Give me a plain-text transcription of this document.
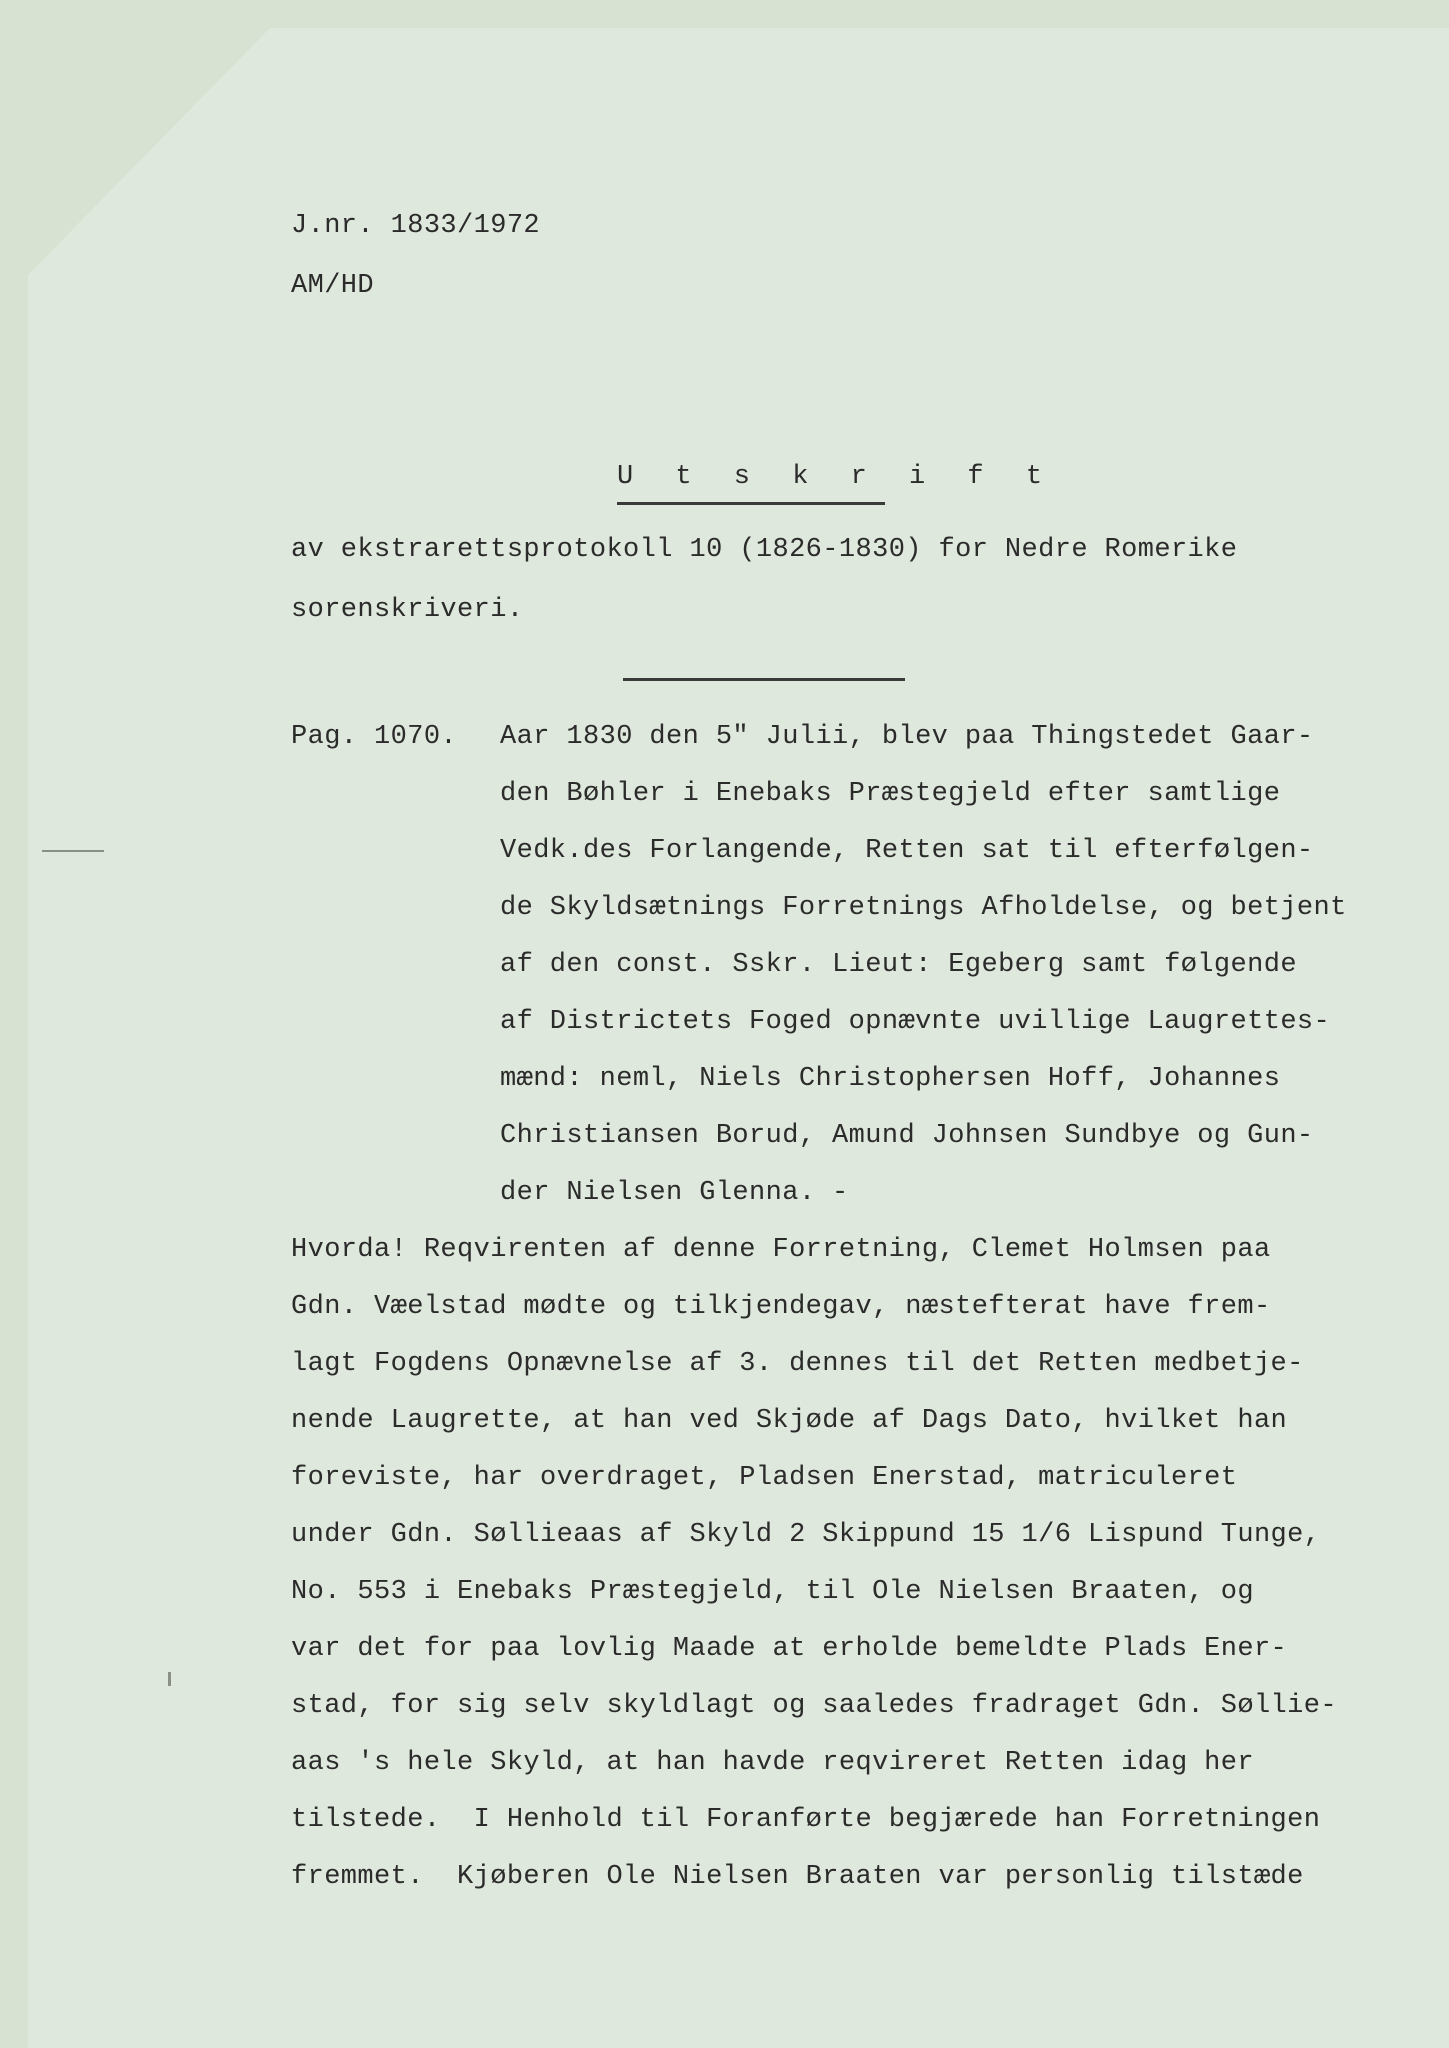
J.nr. 1833/1972
AM/HD
U t s k r i f t
av ekstrarettsprotokoll 10 (1826-1830) for Nedre Romerike
sorenskriveri.
Pag. 1070. Aar 1830 den 5" Julii, blev paa Thingstedet Gaar-
den Bøhler i Enebaks Præstegjeld efter samtlige
Vedk.des Forlangende, Retten sat til efterfølgen-
de Skyldsætnings Forretnings Afholdelse, og betjent
af den const. Sskr. Lieut: Egeberg samt følgende
af Districtets Foged opnævnte uvillige Laugrettes-
mænd: neml, Niels Christophersen Hoff, Johannes
Christiansen Borud, Amund Johnsen Sundbye og Gun-
der Nielsen Glenna. -
Hvorda! Reqvirenten af denne Forretning, Clemet Holmsen paa
Gdn. Væelstad mødte og tilkjendegav, næstefterat have frem-
lagt Fogdens Opnævnelse af 3. dennes til det Retten medbetje-
nende Laugrette, at han ved Skjøde af Dags Dato, hvilket han
foreviste, har overdraget, Pladsen Enerstad, matriculeret
under Gdn. Søllieaas af Skyld 2 Skippund 15 1/6 Lispund Tunge,
No. 553 i Enebaks Præstegjeld, til Ole Nielsen Braaten, og
var det for paa lovlig Maade at erholde bemeldte Plads Ener-
stad, for sig selv skyldlagt og saaledes fradraget Gdn. Søllie-
aas 's hele Skyld, at han havde reqvireret Retten idag her
tilstede.  I Henhold til Foranførte begjærede han Forretningen
fremmet.  Kjøberen Ole Nielsen Braaten var personlig tilstæde
